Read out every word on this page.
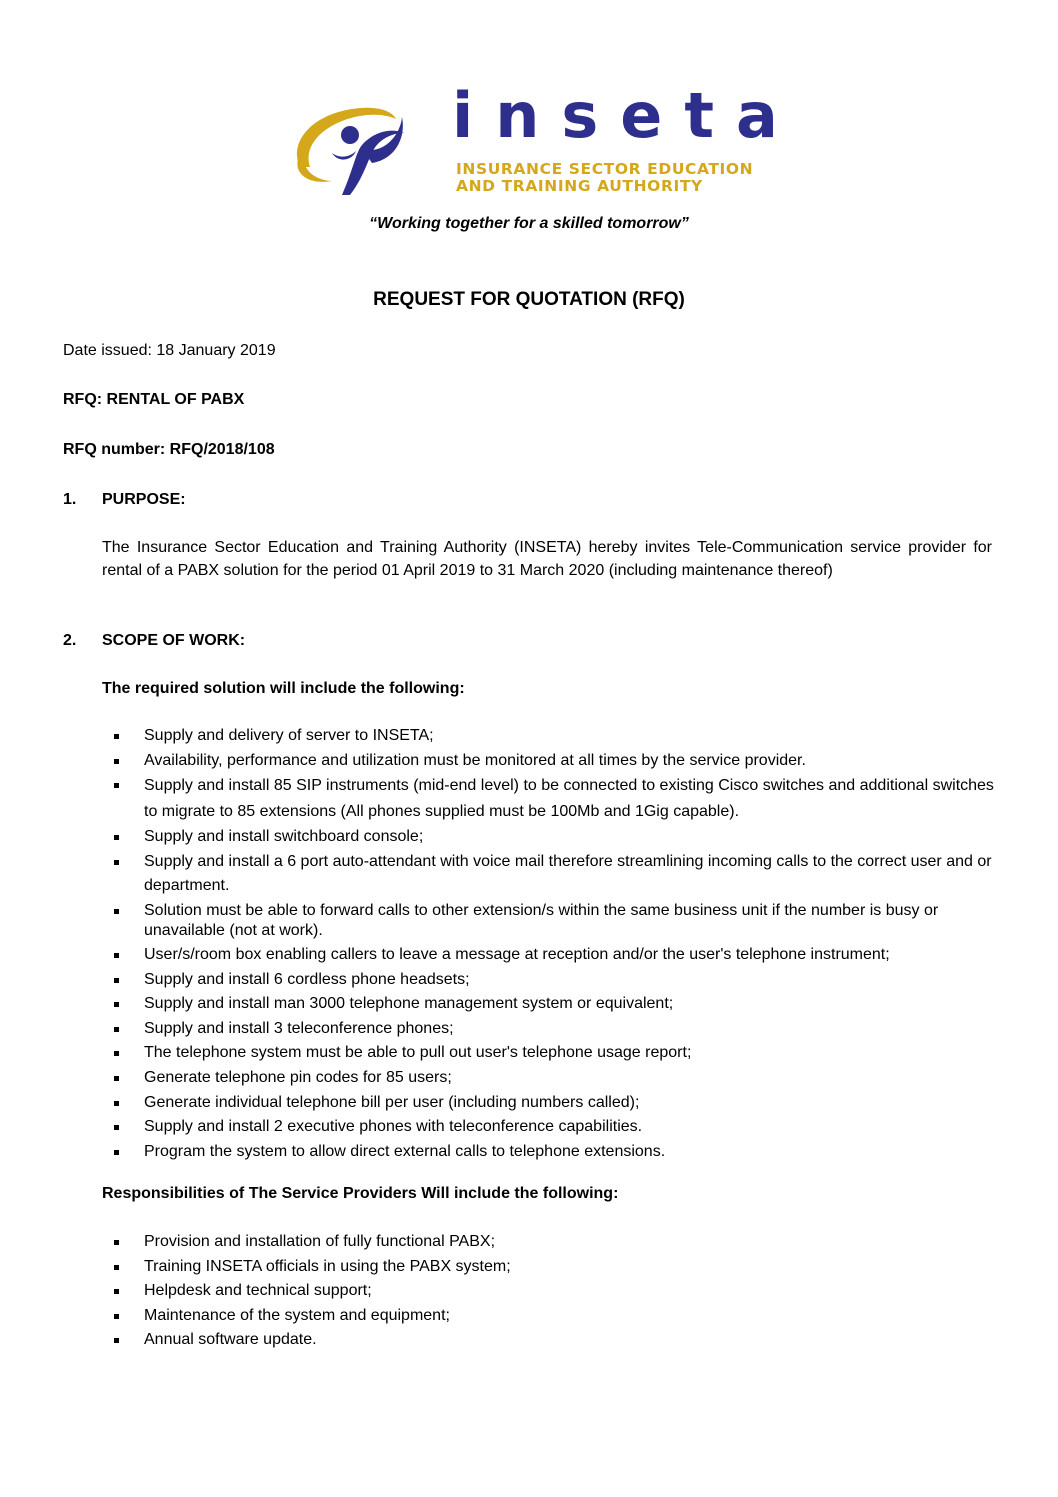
inseta
INSURANCE SECTOR EDUCATION
AND TRAINING AUTHORITY
“Working together for a skilled tomorrow”
REQUEST FOR QUOTATION (RFQ)
Date issued: 18 January 2019
RFQ: RENTAL OF PABX
RFQ number: RFQ/2018/108
1. PURPOSE:
The Insurance Sector Education and Training Authority (INSETA) hereby invites Tele-Communication service provider for rental of a PABX solution for the period 01 April 2019 to 31 March 2020 (including maintenance thereof)
2. SCOPE OF WORK:
The required solution will include the following:
Supply and delivery of server to INSETA;
Availability, performance and utilization must be monitored at all times by the service provider.
Supply and install 85 SIP instruments (mid-end level) to be connected to existing Cisco switches and additional switches to migrate to 85 extensions (All phones supplied must be 100Mb and 1Gig capable).
Supply and install switchboard console;
Supply and install a 6 port auto-attendant with voice mail therefore streamlining incoming calls to the correct user and or department.
Solution must be able to forward calls to other extension/s within the same business unit if the number is busy or unavailable (not at work).
User/s/room box enabling callers to leave a message at reception and/or the user's telephone instrument;
Supply and install 6 cordless phone headsets;
Supply and install man 3000 telephone management system or equivalent;
Supply and install 3 teleconference phones;
The telephone system must be able to pull out user's telephone usage report;
Generate telephone pin codes for 85 users;
Generate individual telephone bill per user (including numbers called);
Supply and install 2 executive phones with teleconference capabilities.
Program the system to allow direct external calls to telephone extensions.
Responsibilities of The Service Providers Will include the following:
Provision and installation of fully functional PABX;
Training INSETA officials in using the PABX system;
Helpdesk and technical support;
Maintenance of the system and equipment;
Annual software update.
